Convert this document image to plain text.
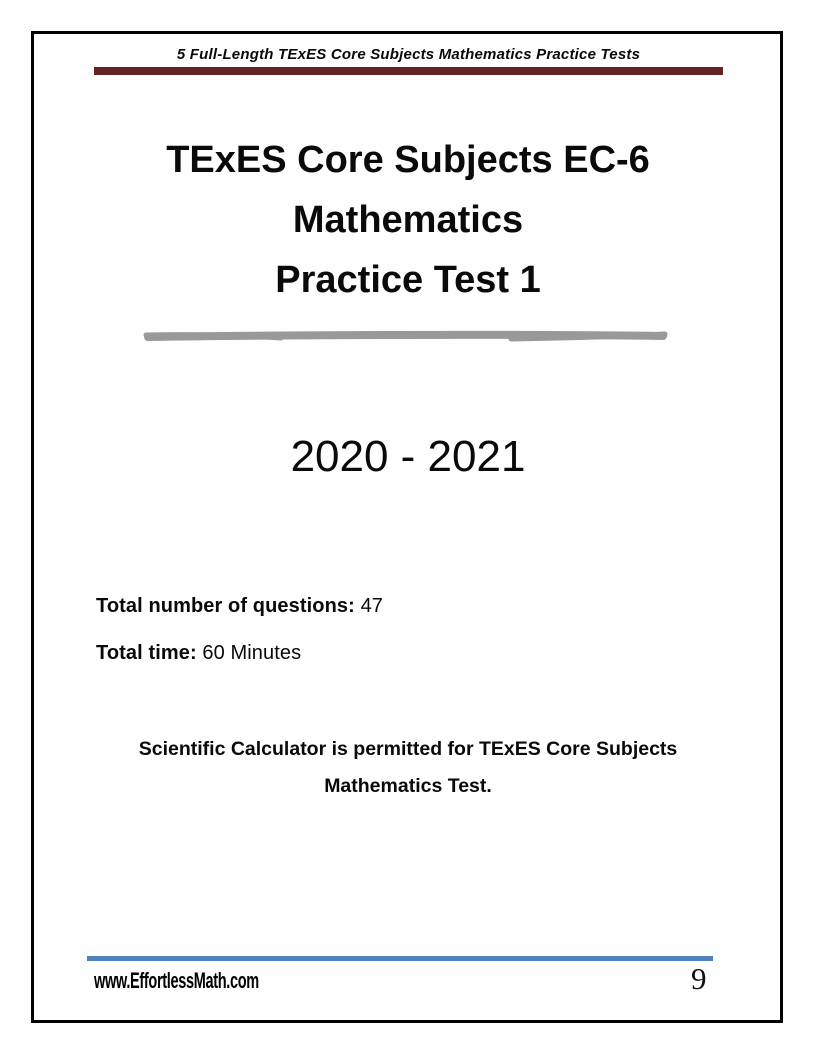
5 Full-Length TExES Core Subjects Mathematics Practice Tests
TExES Core Subjects EC-6
Mathematics
Practice Test 1
2020 - 2021
Total number of questions: 47
Total time: 60 Minutes
Scientific Calculator is permitted for TExES Core Subjects Mathematics Test.
www.EffortlessMath.com	9
